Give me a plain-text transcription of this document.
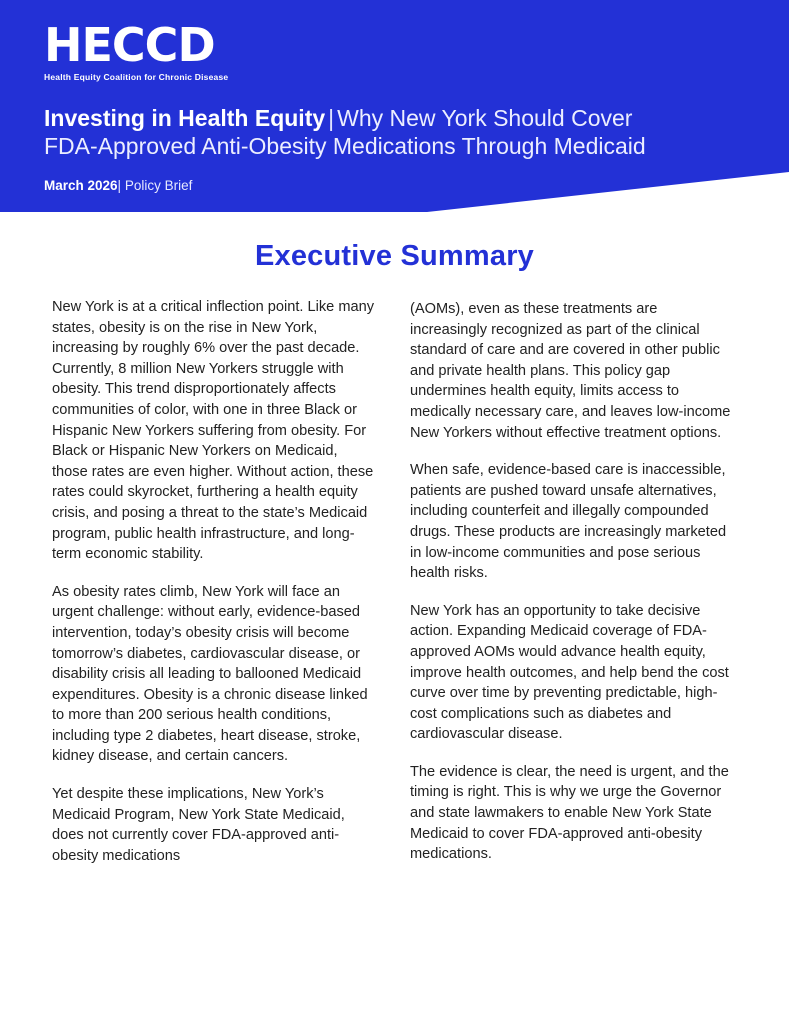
HECCD
Health Equity Coalition for Chronic Disease
Investing in Health Equity | Why New York Should Cover
FDA-Approved Anti-Obesity Medications Through Medicaid
March 2026| Policy Brief
Executive Summary

New York is at a critical inflection point. Like many states, obesity is on the rise in New York, increasing by roughly 6% over the past decade. Currently, 8 million New Yorkers struggle with obesity. This trend disproportionately affects communities of color, with one in three Black or Hispanic New Yorkers suffering from obesity. For Black or Hispanic New Yorkers on Medicaid, those rates are even higher. Without action, these rates could skyrocket, furthering a health equity crisis, and posing a threat to the state’s Medicaid program, public health infrastructure, and long-term economic stability.

As obesity rates climb, New York will face an urgent challenge: without early, evidence-based intervention, today’s obesity crisis will become tomorrow’s diabetes, cardiovascular disease, or disability crisis all leading to ballooned Medicaid expenditures. Obesity is a chronic disease linked to more than 200 serious health conditions, including type 2 diabetes, heart disease, stroke, kidney disease, and certain cancers.

Yet despite these implications, New York’s Medicaid Program, New York State Medicaid, does not currently cover FDA-approved anti-obesity medications

(AOMs), even as these treatments are increasingly recognized as part of the clinical standard of care and are covered in other public and private health plans. This policy gap undermines health equity, limits access to medically necessary care, and leaves low-income New Yorkers without effective treatment options.

When safe, evidence-based care is inaccessible, patients are pushed toward unsafe alternatives, including counterfeit and illegally compounded drugs. These products are increasingly marketed in low-income communities and pose serious health risks.

New York has an opportunity to take decisive action. Expanding Medicaid coverage of FDA-approved AOMs would advance health equity, improve health outcomes, and help bend the cost curve over time by preventing predictable, high-cost complications such as diabetes and cardiovascular disease.

The evidence is clear, the need is urgent, and the timing is right. This is why we urge the Governor and state lawmakers to enable New York State Medicaid to cover FDA-approved anti-obesity medications.
